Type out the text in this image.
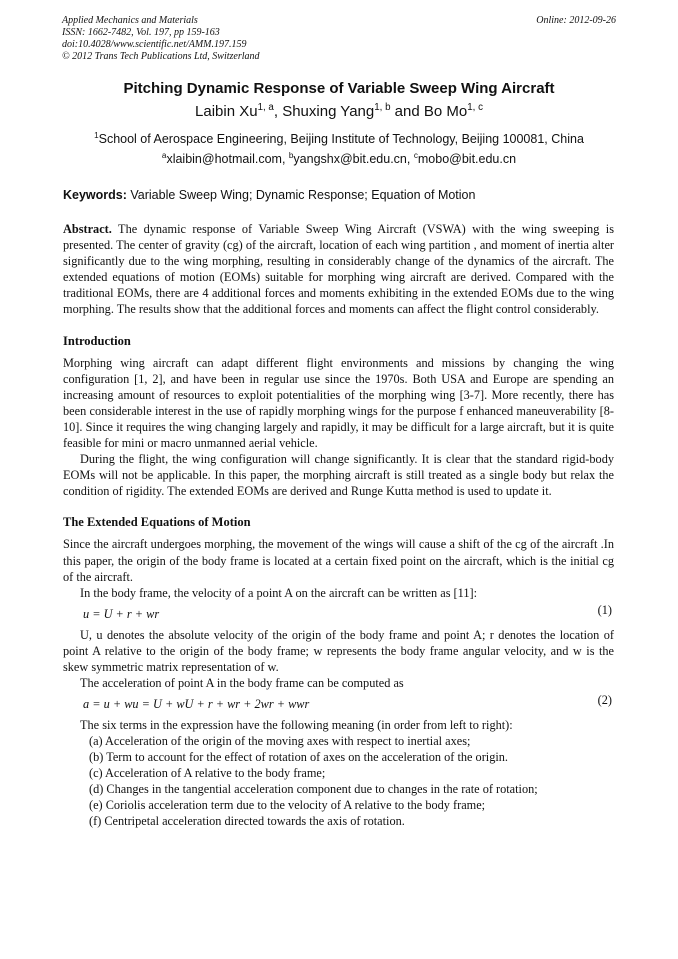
Applied Mechanics and Materials
ISSN: 1662-7482, Vol. 197, pp 159-163
doi:10.4028/www.scientific.net/AMM.197.159
© 2012 Trans Tech Publications Ltd, Switzerland
Online: 2012-09-26
Pitching Dynamic Response of Variable Sweep Wing Aircraft
Laibin Xu$^{1, a}$, Shuxing Yang$^{1, b}$ and Bo Mo$^{1, c}$
$^1$School of Aerospace Engineering, Beijing Institute of Technology, Beijing 100081, China
$^a$xlaibin@hotmail.com, $^b$yangshx@bit.edu.cn, $^c$mobo@bit.edu.cn
Keywords: Variable Sweep Wing; Dynamic Response; Equation of Motion

Abstract. The dynamic response of Variable Sweep Wing Aircraft (VSWA) with the wing sweeping is presented. The center of gravity (cg) of the aircraft, location of each wing partition , and moment of inertia alter significantly due to the wing morphing, resulting in considerably change of the dynamics of the aircraft. The extended equations of motion (EOMs) suitable for morphing wing aircraft are derived. Compared with the traditional EOMs, there are 4 additional forces and moments exhibiting in the extended EOMs due to the wing morphing. The results show that the additional forces and moments can affect the flight control considerably.

Introduction

Morphing wing aircraft can adapt different flight environments and missions by changing the wing configuration [1, 2], and have been in regular use since the 1970s. Both USA and Europe are spending an increasing amount of resources to exploit potentialities of the morphing wing [3-7]. More recently, there has been considerable interest in the use of rapidly morphing wings for the purpose f enhanced maneuverability [8-10]. Since it requires the wing changing largely and rapidly, it may be difficult for a large aircraft, but it is quite feasible for mini or macro unmanned aerial vehicle.

During the flight, the wing configuration will change significantly. It is clear that the standard rigid-body EOMs will not be applicable. In this paper, the morphing aircraft is still treated as a single body but relax the condition of rigidity. The extended EOMs are derived and Runge Kutta method is used to update it.

The Extended Equations of Motion

Since the aircraft undergoes morphing, the movement of the wings will cause a shift of the cg of the aircraft .In this paper, the origin of the body frame is located at a certain fixed point on the aircraft, which is the initial cg of the aircraft.

In the body frame, the velocity of a point A on the aircraft can be written as [11]:

u = U + r + wr	(1)

U, u denotes the absolute velocity of the origin of the body frame and point A; r denotes the location of point A relative to the origin of the body frame; w represents the body frame angular velocity, and w is the skew symmetric matrix representation of w.

The acceleration of point A in the body frame can be computed as

a = u + wu = U + wU + r + wr + 2wr + wwr	(2)

The six terms in the expression have the following meaning (in order from left to right):

(a) Acceleration of the origin of the moving axes with respect to inertial axes;
(b) Term to account for the effect of rotation of axes on the acceleration of the origin.
(c) Acceleration of A relative to the body frame;
(d) Changes in the tangential acceleration component due to changes in the rate of rotation;
(e) Coriolis acceleration term due to the velocity of A relative to the body frame;
(f) Centripetal acceleration directed towards the axis of rotation.
